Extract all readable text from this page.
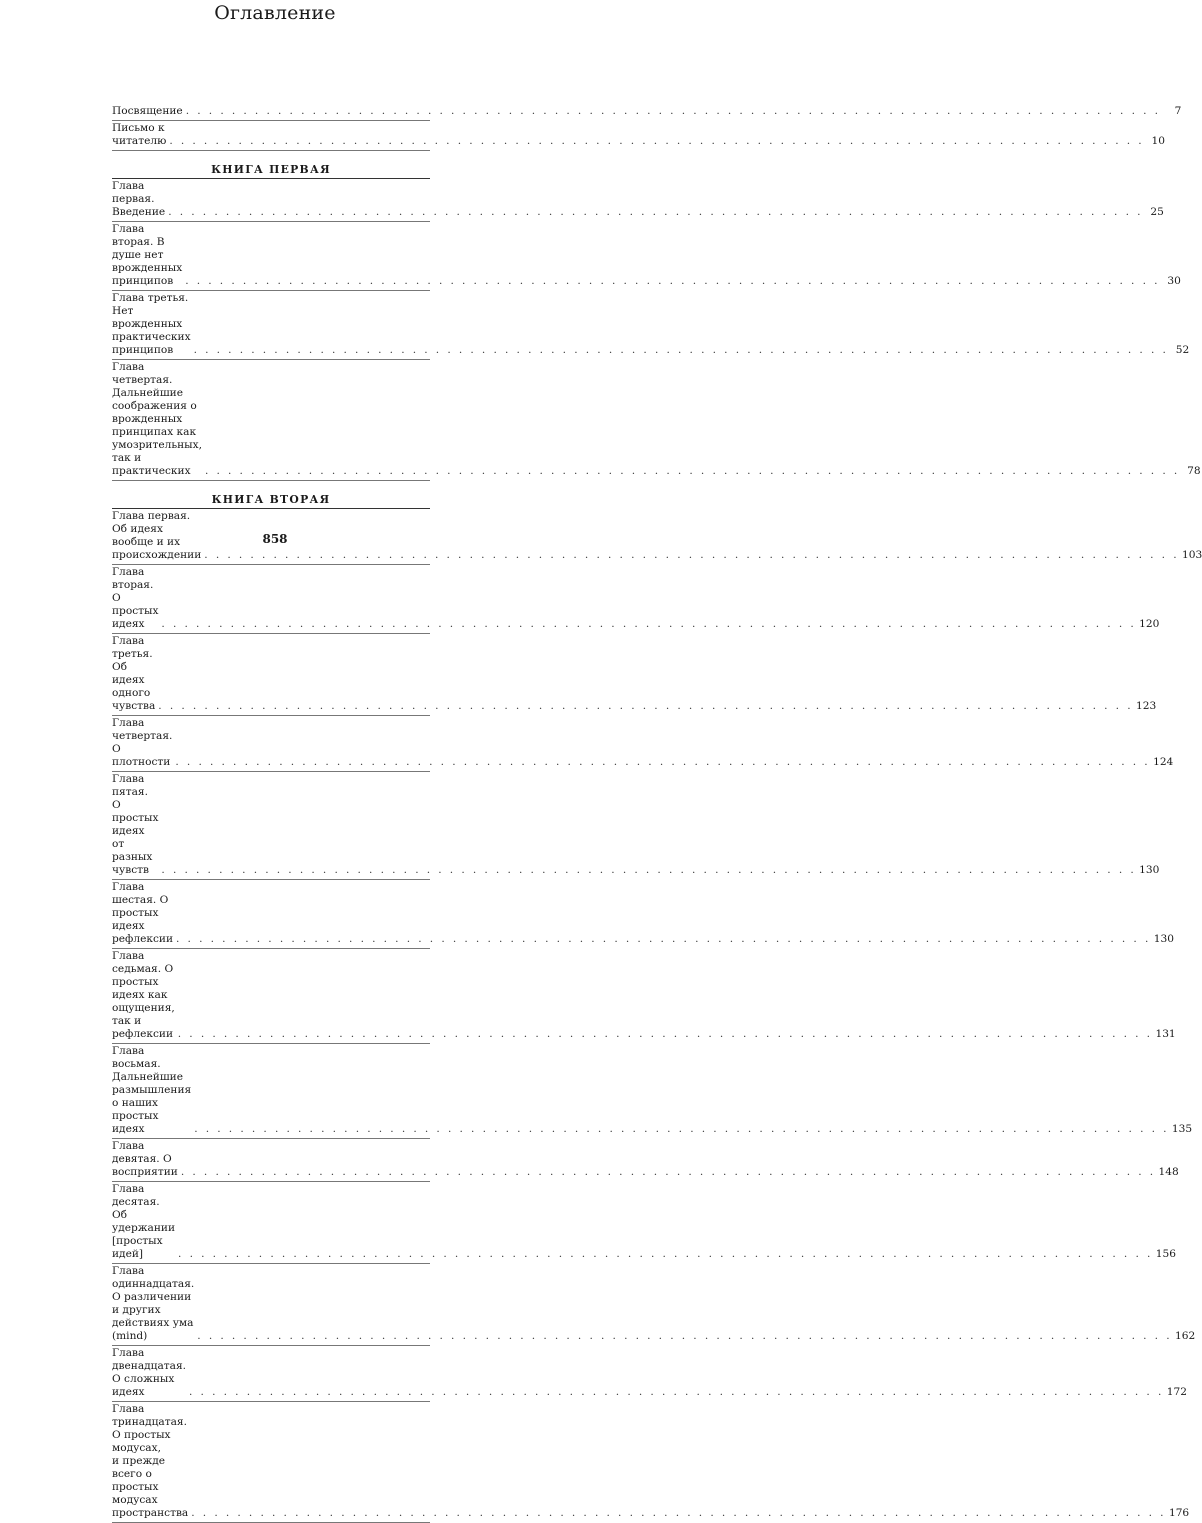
Оглавление
Посвящение . . .	7
Письмо к читателю . . .	10
КНИГА ПЕРВАЯ
Глава первая. Введение . . .	25
Глава вторая. В душе нет врожденных принципов . . .	30
Глава третья. Нет врожденных практических принципов . . .	52
Глава четвертая. Дальнейшие соображения о врожденных
принципах как умозрительных, так и практических . . .	78
КНИГА ВТОРАЯ
Глава первая. Об идеях вообще и их происхождении . . .	103
Глава вторая. О простых идеях . . .	120
Глава третья. Об идеях одного чувства . . .	123
Глава четвертая. О плотности . . .	124
Глава пятая. О простых идеях от разных чувств . . .	130
Глава шестая. О простых идеях рефлексии . . .	130
Глава седьмая. О простых идеях как ощущения,
так и рефлексии . . .	131
Глава восьмая. Дальнейшие размышления
о наших простых идеях . . .	135
Глава девятая. О восприятии . . .	148
Глава десятая. Об удержании [простых идей] . . .	156
Глава одиннадцатая. О различении
и других действиях ума (mind) . . .	162
Глава двенадцатая. О сложных идеях . . .	172
Глава тринадцатая. О простых модусах,
и прежде всего о простых модусах пространства . . .	176
858
